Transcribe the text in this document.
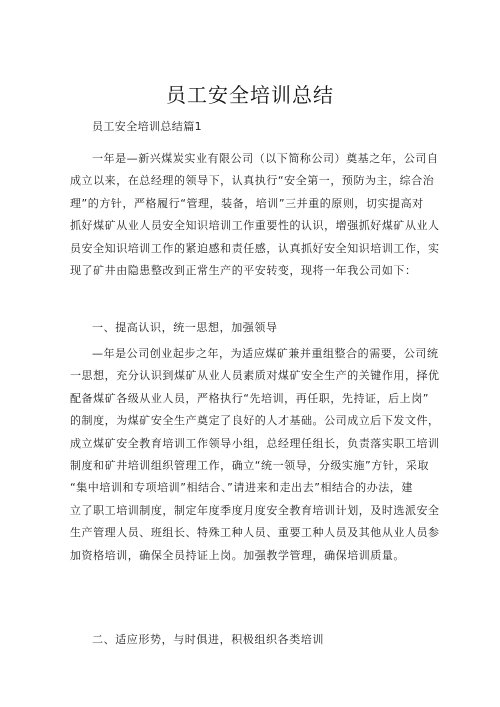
员工安全培训总结
员工安全培训总结篇1

一年是—新兴煤炭实业有限公司（以下简称公司）奠基之年，公司自
成立以来，在总经理的领导下，认真执行“安全第一，预防为主，综合治
理”的方针，严格履行“管理，装备，培训”三并重的原则，切实提高对
抓好煤矿从业人员安全知识培训工作重要性的认识，增强抓好煤矿从业人
员安全知识培训工作的紧迫感和责任感，认真抓好安全知识培训工作，实
现了矿井由隐患整改到正常生产的平安转变，现将一年我公司如下：

一、提高认识，统一思想，加强领导

—年是公司创业起步之年，为适应煤矿兼并重组整合的需要，公司统
一思想，充分认识到煤矿从业人员素质对煤矿安全生产的关键作用，择优
配备煤矿各级从业人员，严格执行“先培训，再任职，先持证，后上岗”
的制度，为煤矿安全生产奠定了良好的人才基础。公司成立后下发文件，
成立煤矿安全教育培训工作领导小组，总经理任组长，负责落实职工培训
制度和矿井培训组织管理工作，确立“统一领导，分级实施”方针，采取
“集中培训和专项培训”相结合、”请进来和走出去”相结合的办法，建
立了职工培训制度，制定年度季度月度安全教育培训计划，及时选派安全
生产管理人员、班组长、特殊工种人员、重要工种人员及其他从业人员参
加资格培训，确保全员持证上岗。加强教学管理，确保培训质量。

二、适应形势，与时俱进，积极组织各类培训
